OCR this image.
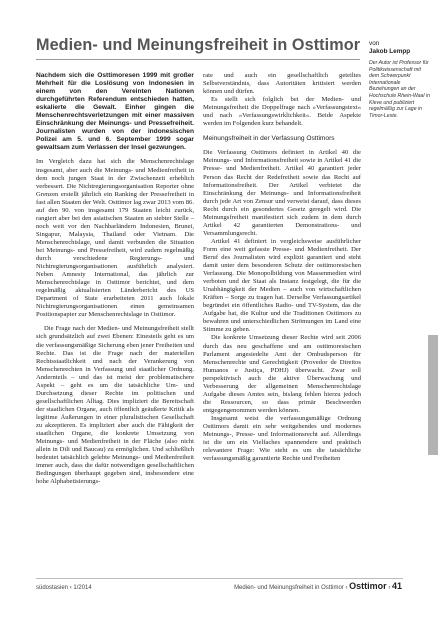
Medien- und Meinungsfreiheit in Osttimor von
Jakob Lempp
Der Autor ist Professor für Politikwissenschaft mit dem Schwerpunkt Internationale Beziehungen an der Hochschule Rhein-Waal in Kleve und publiziert regelmäßig zur Lage in Timor-Leste.
Nachdem sich die Osttimoresen 1999 mit großer Mehrheit für die Loslösung von Indonesien in einem von den Vereinten Nationen durchgeführten Referendum entschieden hatten, eskalierte die Gewalt. Einher gingen die Menschenrechtsverletzungen mit einer massiven Einschränkung der Meinungs- und Pressefreiheit. Journalisten wurden von der indonesischen Polizei am 5. und 6. September 1999 sogar gewaltsam zum Verlassen der Insel gezwungen.

Im Vergleich dazu hat sich die Menschenrechtslage insgesamt, aber auch die Meinungs- und Medienfreiheit in dem noch jungen Staat in der Zwischenzeit erheblich verbessert. Die Nichtregierungsorganisation Reporter ohne Grenzen erstellt jährlich ein Ranking der Pressefreiheit in fast allen Staaten der Welt. Osttimor lag zwar 2013 vom 86. auf den 90. von insgesamt 179 Staaten leicht zurück, rangiert aber bei den asiatischen Staaten an siebter Stelle – noch weit vor den Nachbarländern Indonesien, Brunei, Singapur, Malaysia, Thailand oder Vietnam. Die Menschenrechtslage, und damit verbunden die Situation bei Meinungs- und Pressefreiheit, wird zudem regelmäßig durch verschiedene Regierungs- und Nichtregierungsorganisationen ausführlich analysiert. Neben Amnesty International, das jährlich zur Menschenrechtslage in Osttimor berichtet, und dem regelmäßig aktualisierten Länderbericht des US Department of State erarbeiteten 2011 auch lokale Nichtregierungsorganisationen einen gemeinsamen Positionspapier zur Menschenrechtslage in Osttimor.

Die Frage nach der Medien- und Meinungsfreiheit stellt sich grundsätzlich auf zwei Ebenen: Einesteils geht es um die verfassungsmäßige Sicherung eben jener Freiheiten und Rechte. Das ist die Frage nach der materiellen Rechtsstaatlichkeit und nach der Verankerung von Menschenrechten in Verfassung und staatlicher Ordnung. Andernteils – und das ist meist der problematischere Aspekt – geht es um die tatsächliche Um- und Durchsetzung dieser Rechte im politischen und gesellschaftlichen Alltag. Dies impliziert die Bereitschaft der staatlichen Organe, auch öffentlich geäußerte Kritik als legitime Äußerungen in einer pluralistischen Gesellschaft zu akzeptieren. Es impliziert aber auch die Fähigkeit der staatlichen Organe, die konkrete Umsetzung von Meinungs- und Medienfreiheit in der Fläche (also nicht allein in Dili und Baucau) zu ermöglichen. Und schließlich bedeutet tatsächlich gelebte Meinungs- und Medienfreiheit immer auch, dass die dafür notwendigen gesellschaftlichen Bedingungen überhaupt gegeben sind, insbesondere eine hohe Alphabetisierungs-

rate und auch ein gesellschaftlich geteiltes Selbstverständnis, dass Autoritäten kritisiert werden können und dürfen.

Es stellt sich folglich bei der Medien- und Meinungsfreiheit die Doppelfrage nach »Verfassungstext« und nach »Verfassungswirklichkeit«. Beide Aspekte werden im Folgenden kurz behandelt.

Meinungsfreiheit in der Verfassung Osttimors

Die Verfassung Osttimors definiert in Artikel 40 die Meinungs- und Informationsfreiheit sowie in Artikel 41 die Presse- und Medienfreiheit. Artikel 40 garantiert jeder Person das Recht der Redefreiheit sowie das Recht auf Informationsfreiheit. Der Artikel verbietet die Einschränkung der Meinungs- und Informationsfreiheit durch jede Art von Zensur und verweist darauf, dass dieses Recht durch ein gesondertes Gesetz geregelt wird. Die Meinungsfreiheit manifestiert sich zudem in dem durch Artikel 42 garantierten Demonstrations- und Versammlungsrecht.

Artikel 41 definiert in vergleichsweise ausführlicher Form eine weit gefasste Presse- und Medienfreiheit. Der Beruf des Journalisten wird explizit garantiert und steht damit unter dem besonderen Schutz der osttimoresischen Verfassung. Die Monopolbildung von Massenmedien wird verboten und der Staat als Instanz festgelegt, die für die Unabhängigkeit der Medien – auch von wirtschaftlichen Kräften – Sorge zu tragen hat. Derselbe Verfassungsartikel begründet ein öffentliches Radio- und TV-System, das die Aufgabe hat, die Kultur und die Traditionen Osttimors zu bewahren und unterschiedlichen Strömungen im Land eine Stimme zu geben.

Die konkrete Umsetzung dieser Rechte wird seit 2006 durch das neu geschaffene und am osttimoresischen Parlament angesiedelte Amt der Ombudsperson für Menschenrechte und Gerechtigkeit (Provedor de Direitos Humanos e Justiça, PDHJ) überwacht. Zwar soll perspektivisch auch die aktive Überwachung und Verbesserung der allgemeinen Menschenrechtslage Aufgabe dieses Amtes sein, bislang fehlen hierzu jedoch die Ressourcen, so dass primär Beschwerden entgegengenommen werden können.

Insgesamt weist die verfassungsmäßige Ordnung Osttimors damit ein sehr weitgehendes und modernes Meinungs-, Presse- und Informationsrecht auf. Allerdings ist die um ein Vielfaches spannendere und praktisch relevantere Frage: Wie steht es um die tatsächliche verfassungsmäßig garantierte Rechte und Freiheiten

südostasien ‹ 1/2014	Medien- und Meinungsfreiheit in Osttimor ‹ Osttimor ‹ 41
